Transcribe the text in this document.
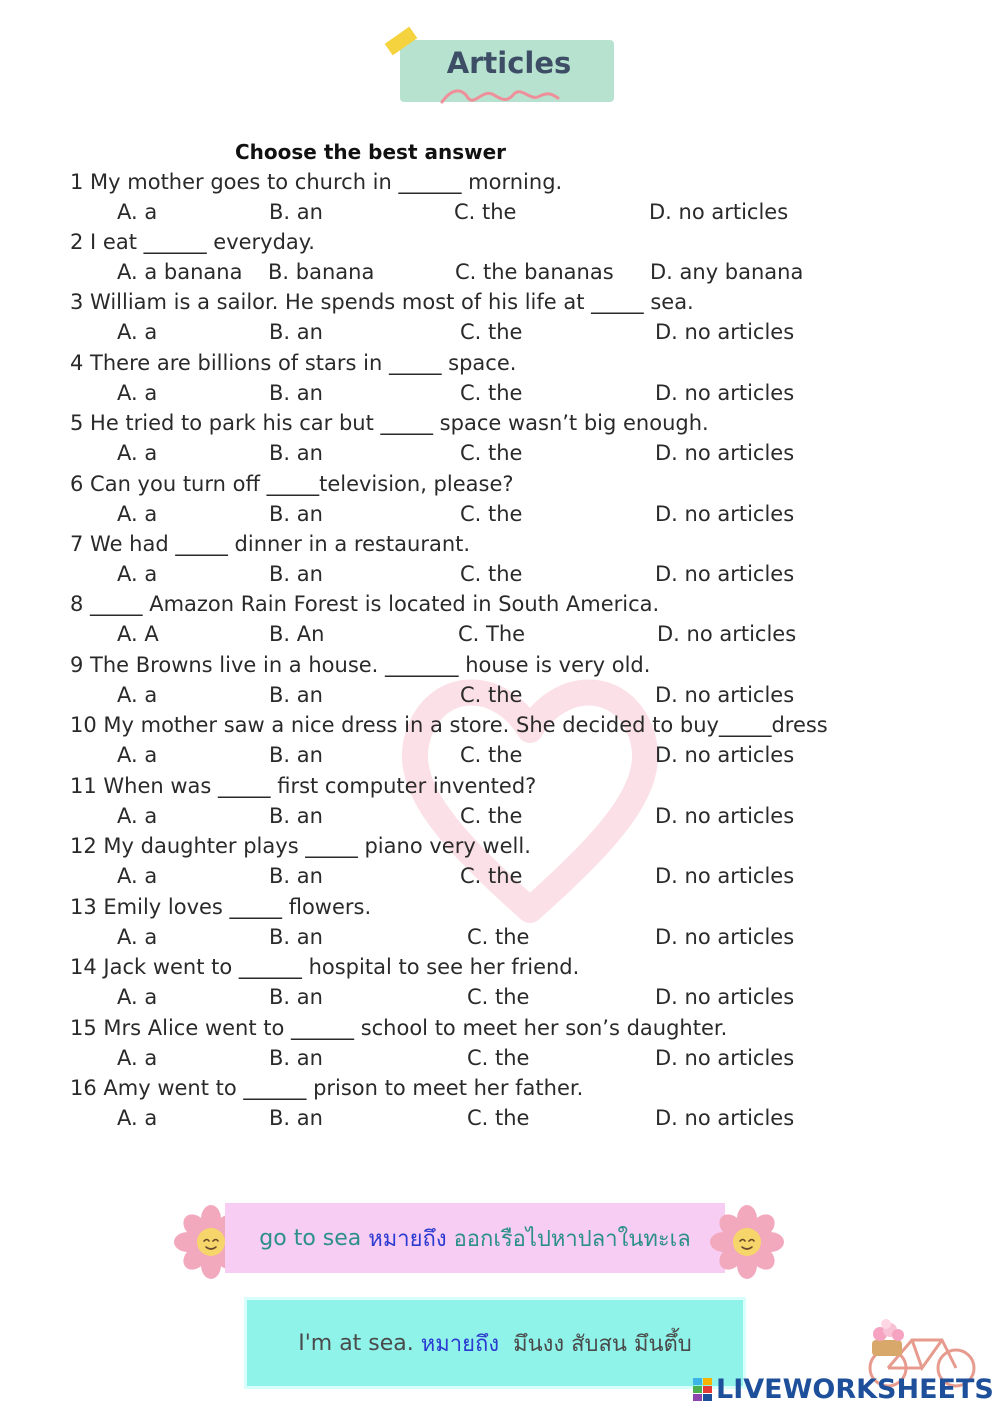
Articles
Choose the best answer
1 My mother goes to church in ______ morning.
A. a	B. an	C. the	D. no articles
2 I eat ______ everyday.
A. a banana B. banana	C. the bananas D. any banana
3 William is a sailor. He spends most of his life at _____ sea.
A. a	B. an	C. the	D. no articles
4 There are billions of stars in _____ space.
A. a	B. an	C. the	D. no articles
5 He tried to park his car but _____ space wasn’t big enough.
A. a	B. an	C. the	D. no articles
6 Can you turn off _____television, please?
A. a	B. an	C. the	D. no articles
7 We had _____ dinner in a restaurant.
A. a	B. an	C. the	D. no articles
8 _____ Amazon Rain Forest is located in South America.
A. A	B. An	C. The	D. no articles
9 The Browns live in a house. _______ house is very old.
A. a	B. an	C. the	D. no articles
10 My mother saw a nice dress in a store. She decided to buy_____dress
A. a	B. an	C. the	D. no articles
11 When was _____ first computer invented?
A. a	B. an	C. the	D. no articles
12 My daughter plays _____ piano very well.
A. a	B. an	C. the	D. no articles
13 Emily loves _____ flowers.
A. a	B. an	C. the	D. no articles
14 Jack went to ______ hospital to see her friend.
A. a	B. an	C. the	D. no articles
15 Mrs Alice went to ______ school to meet her son’s daughter.
A. a	B. an	C. the	D. no articles
16 Amy went to ______ prison to meet her father.
A. a	B. an	C. the	D. no articles
go to sea
หมายถึง
ออกเรือไปหาปลาในทะเล
I'm at sea.
หมายถึง
มึนงง สับสน มึนตึ้บ
LIVEWORKSHEETS
